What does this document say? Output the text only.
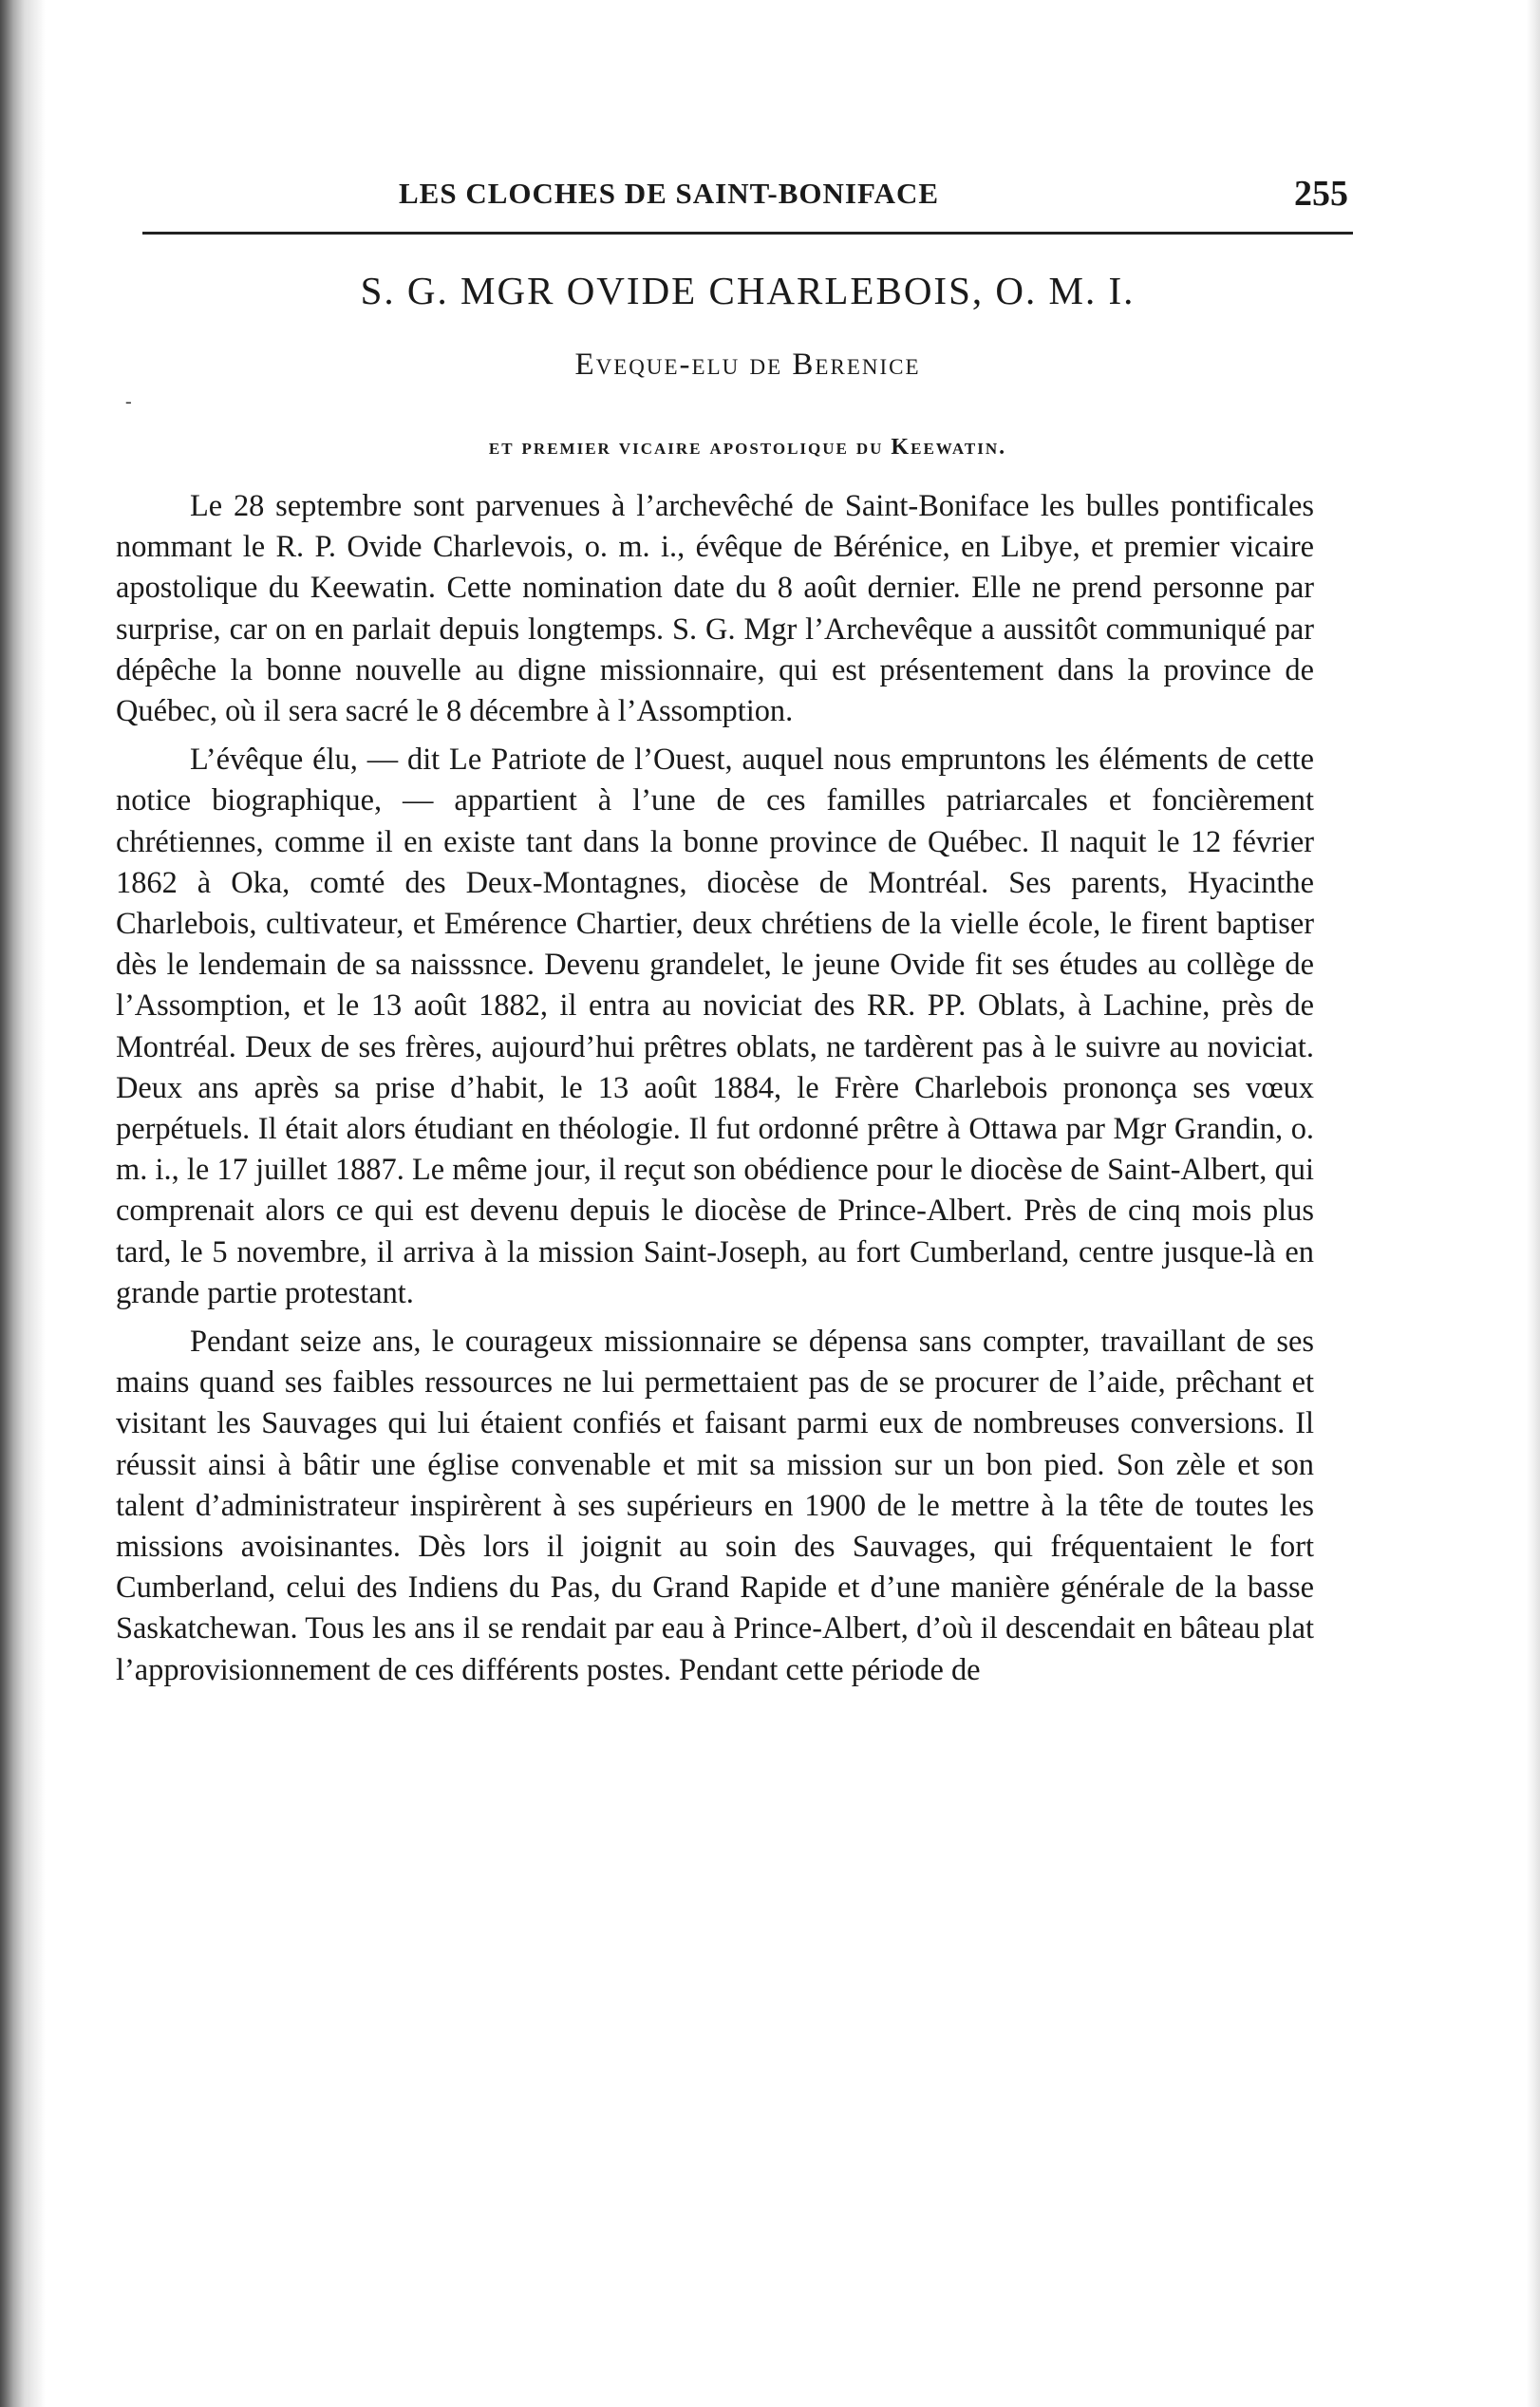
LES CLOCHES DE SAINT-BONIFACE	255
S. G. MGR OVIDE CHARLEBOIS, O. M. I.
Eveque-elu de Berenice
-
et premier vicaire apostolique du Keewatin.

Le 28 septembre sont parvenues à l’archevêché de Saint-Boniface les bulles pontificales nommant le R. P. Ovide Charlevois, o. m. i., évêque de Bérénice, en Libye, et premier vicaire apostolique du Keewatin. Cette nomination date du 8 août dernier. Elle ne prend personne par surprise, car on en parlait depuis longtemps. S. G. Mgr l’Archevêque a aussitôt communiqué par dépêche la bonne nouvelle au digne missionnaire, qui est présentement dans la province de Québec, où il sera sacré le 8 décembre à l’Assomption.

L’évêque élu, — dit Le Patriote de l’Ouest, auquel nous empruntons les éléments de cette notice biographique, — appartient à l’une de ces familles patriarcales et foncièrement chrétiennes, comme il en existe tant dans la bonne province de Québec. Il naquit le 12 février 1862 à Oka, comté des Deux-Montagnes, diocèse de Montréal. Ses parents, Hyacinthe Charlebois, cultivateur, et Emérence Chartier, deux chrétiens de la vielle école, le firent baptiser dès le lendemain de sa naisssnce. Devenu grandelet, le jeune Ovide fit ses études au collège de l’Assomption, et le 13 août 1882, il entra au noviciat des RR. PP. Oblats, à Lachine, près de Montréal. Deux de ses frères, aujourd’hui prêtres oblats, ne tardèrent pas à le suivre au noviciat. Deux ans après sa prise d’habit, le 13 août 1884, le Frère Charlebois prononça ses vœux perpétuels. Il était alors étudiant en théologie. Il fut ordonné prêtre à Ottawa par Mgr Grandin, o. m. i., le 17 juillet 1887. Le même jour, il reçut son obédience pour le diocèse de Saint-Albert, qui comprenait alors ce qui est devenu depuis le diocèse de Prince-Albert. Près de cinq mois plus tard, le 5 novembre, il arriva à la mission Saint-Joseph, au fort Cumberland, centre jusque-là en grande partie protestant.

Pendant seize ans, le courageux missionnaire se dépensa sans compter, travaillant de ses mains quand ses faibles ressources ne lui permettaient pas de se procurer de l’aide, prêchant et visitant les Sauvages qui lui étaient confiés et faisant parmi eux de nombreuses conversions. Il réussit ainsi à bâtir une église convenable et mit sa mission sur un bon pied. Son zèle et son talent d’administrateur inspirèrent à ses supérieurs en 1900 de le mettre à la tête de toutes les missions avoisinantes. Dès lors il joignit au soin des Sauvages, qui fréquentaient le fort Cumberland, celui des Indiens du Pas, du Grand Rapide et d’une manière générale de la basse Saskatchewan. Tous les ans il se rendait par eau à Prince-Albert, d’où il descendait en bâteau plat l’approvisionnement de ces différents postes. Pendant cette période de
